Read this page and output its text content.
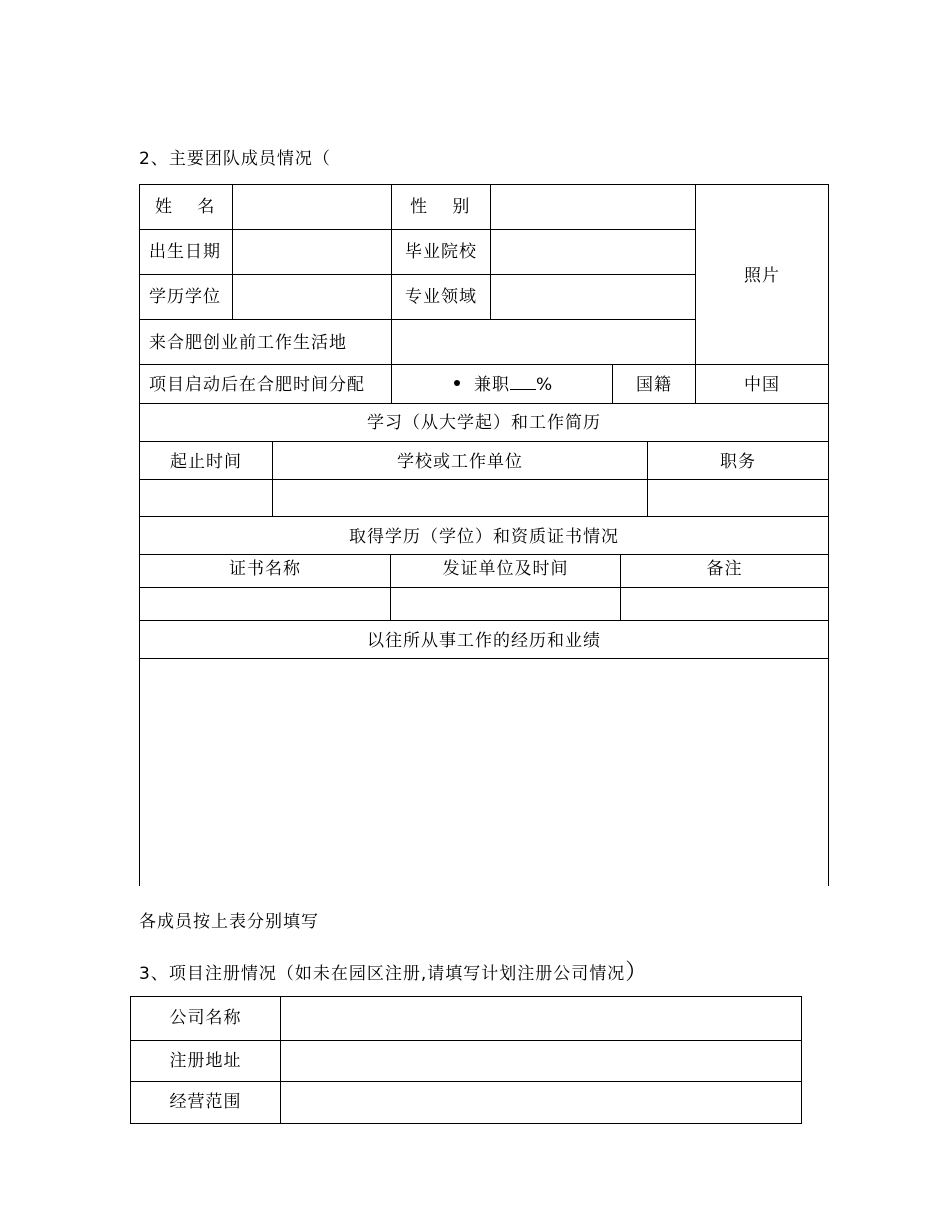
2、主要团队成员情况（
姓　 名	性　 别
出生日期	毕业院校
学历学位	专业领域
来合肥创业前工作生活地
照片
项目启动后在合肥时间分配	兼职 %	国籍	中国
学习（从大学起）和工作简历
起止时间	学校或工作单位	职务
取得学历（学位）和资质证书情况
证书名称	发证单位及时间	备注
以往所从事工作的经历和业绩
各成员按上表分别填写
3、项目注册情况（如未在园区注册,请填写计划注册公司情况）
公司名称
注册地址
经营范围
